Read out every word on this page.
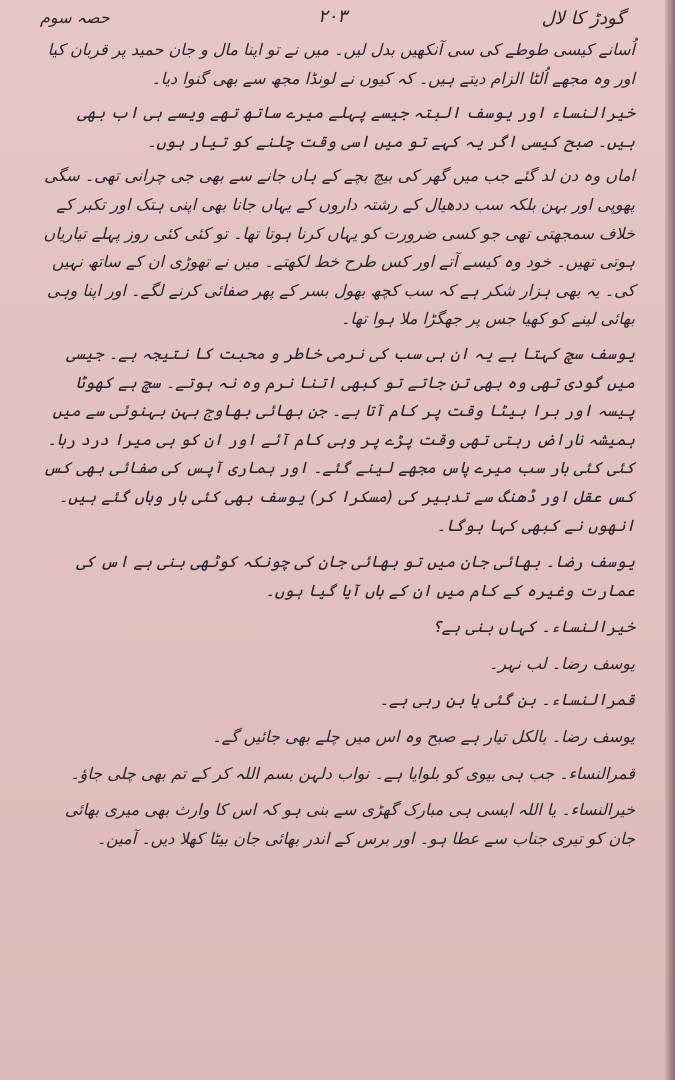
گودڑ کا لال
۲۰۳
حصہ سوم

اُسانے کیسی طوطے کی سی آنکھیں بدل لیں۔ میں نے تو اپنا مال و جان حمید پر قربان کیا اور وہ مجھے اُلٹا الزام دیتے ہیں۔ کہ کیوں نے لونڈا مجھ سے بھی گنوا دیا۔

خیرالنساء اور یوسف البتہ جیسے پہلے میرے ساتھ تھے ویسے ہی اب بھی ہیں۔ صبح کیسی اگر یہ کہے تو میں اسی وقت چلنے کو تیار ہوں۔

اماں وہ دن لد گئے جب میں گھر کی بیچ بچے کے ہاں جانے سے بھی جی چرانی تھی۔ سگی پھوپی اور بہن بلکہ سب ددھیال کے رشتہ داروں کے یہاں جانا بھی اپنی ہتک اور تکبر کے خلاف سمجھتی تھی جو کسی ضرورت کو یہاں کرنا ہوتا تھا۔ تو کئی کئی روز پہلے تیاریاں ہوتی تھیں۔ خود وہ کیسے آتے اور کس طرح خط لکھتے۔ میں نے تھوڑی ان کے ساتھ نہیں کی۔ یہ بھی ہزار شکر ہے کہ سب کچھ بھول بسر کے پھر صفائی کرنے لگے۔ اور اپنا وہی بھائی لینے کو کھیا جس پر جھگڑا ملا ہوا تھا۔

یوسف سچ کہتا ہے یہ ان ہی سب کی نرمی خاطر و محبت کا نتیجہ ہے۔ جیسی میں گودی تھی وہ بھی تن جاتے تو کبھی اتنا نرم وہ نہ ہوتے۔ سچ ہے کھوٹا پیسہ اور برا بیٹا وقت پر کام آتا ہے۔ جن بھائی بھاوج بہن بہنوئی سے میں ہمیشہ ناراض رہتی تھی وقت پڑے پر وہی کام آئے اور ان کو ہی میرا درد رہا۔ کئی کئی بار سب میرے پاس مجھے لینے گئے۔ اور ہماری آپس کی صفائی بھی کس کس عقل اور ڈھنگ سے تدبیر کی (مسکرا کر) یوسف بھی کئی بار وہاں گئے ہیں۔ انھوں نے کبھی کہا ہوگا۔

یوسف رضا۔ بھائی جان میں تو بھائی جان کی چونکہ کوٹھی بنی ہے اس کی عمارت وغیرہ کے کام میں ان کے ہاں آیا گیا ہوں۔

خیرالنساء۔ کہاں بنی ہے؟

یوسف رضا۔ لب نہر۔

قمرالنساء۔ بن گئی یا بن رہی ہے۔

یوسف رضا۔ بالکل تیار ہے صبح وہ اس میں چلے بھی جائیں گے۔

قمرالنساء۔ جب ہی بیوی کو بلوایا ہے۔ نواب دلہن بسم اللہ کر کے تم بھی چلی جاؤ۔

خیرالنساء۔ یا اللہ ایسی ہی مبارک گھڑی سے بنی ہو کہ اس کا وارث بھی میری بھائی جان کو تیری جناب سے عطا ہو۔ اور برس کے اندر بھائی جان بیٹا کھلا دیں۔ آمین۔
